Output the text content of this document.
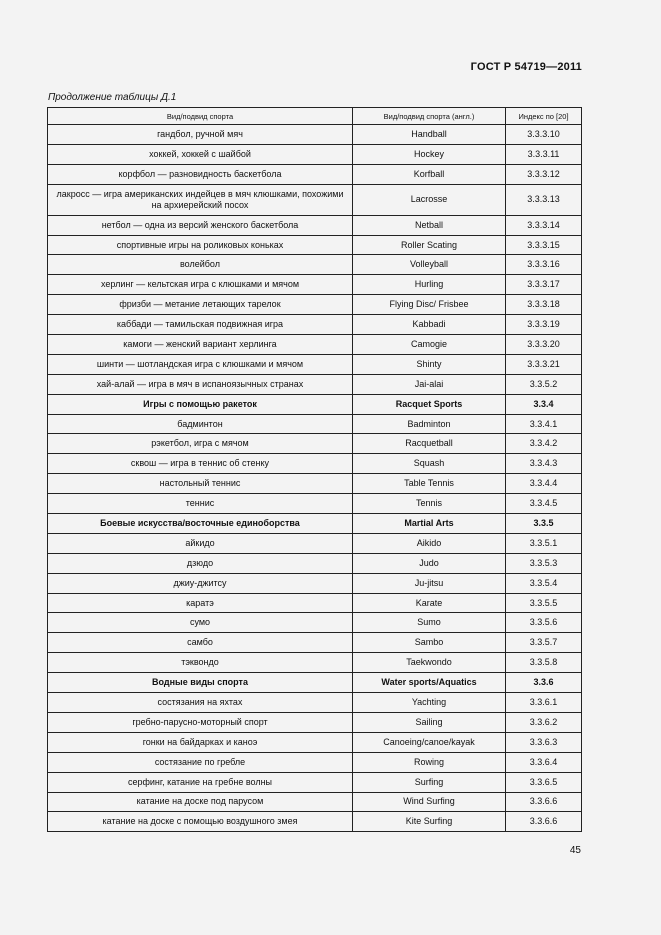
ГОСТ Р 54719—2011
Продолжение таблицы Д.1
Вид/подвид спорта	Вид/подвид спорта (англ.)	Индекс по [20]
гандбол, ручной мяч	Handball	3.3.3.10
хоккей, хоккей с шайбой	Hockey	3.3.3.11
корфбол — разновидность баскетбола	Korfball	3.3.3.12
лакросс — игра американских индейцев в мяч клюшками, похожими на архиерейский посох	Lacrosse	3.3.3.13
нетбол — одна из версий женского баскетбола	Netball	3.3.3.14
спортивные игры на роликовых коньках	Roller Scating	3.3.3.15
волейбол	Volleyball	3.3.3.16
херлинг — кельтская игра с клюшками и мячом	Hurling	3.3.3.17
фризби — метание летающих тарелок	Flying Disc/ Frisbee	3.3.3.18
каббади — тамильская подвижная игра	Kabbadi	3.3.3.19
камоги — женский вариант херлинга	Camogie	3.3.3.20
шинти — шотландская игра с клюшками и мячом	Shinty	3.3.3.21
хай-алай — игра в мяч в испаноязычных странах	Jai-alai	3.3.5.2
Игры с помощью ракеток	Racquet Sports	3.3.4
бадминтон	Badminton	3.3.4.1
рэкетбол, игра с мячом	Racquetball	3.3.4.2
сквош — игра в теннис об стенку	Squash	3.3.4.3
настольный теннис	Table Tennis	3.3.4.4
теннис	Tennis	3.3.4.5
Боевые искусства/восточные единоборства	Martial Arts	3.3.5
айкидо	Aikido	3.3.5.1
дзюдо	Judo	3.3.5.3
джиу-джитсу	Ju-jitsu	3.3.5.4
каратэ	Karate	3.3.5.5
сумо	Sumo	3.3.5.6
самбо	Sambo	3.3.5.7
тэквондо	Taekwondo	3.3.5.8
Водные виды спорта	Water sports/Aquatics	3.3.6
состязания на яхтах	Yachting	3.3.6.1
гребно-парусно-моторный спорт	Sailing	3.3.6.2
гонки на байдарках и каноэ	Canoeing/canoe/kayak	3.3.6.3
состязание по гребле	Rowing	3.3.6.4
серфинг, катание на гребне волны	Surfing	3.3.6.5
катание на доске под парусом	Wind Surfing	3.3.6.6
катание на доске с помощью воздушного змея	Kite Surfing	3.3.6.6
45
